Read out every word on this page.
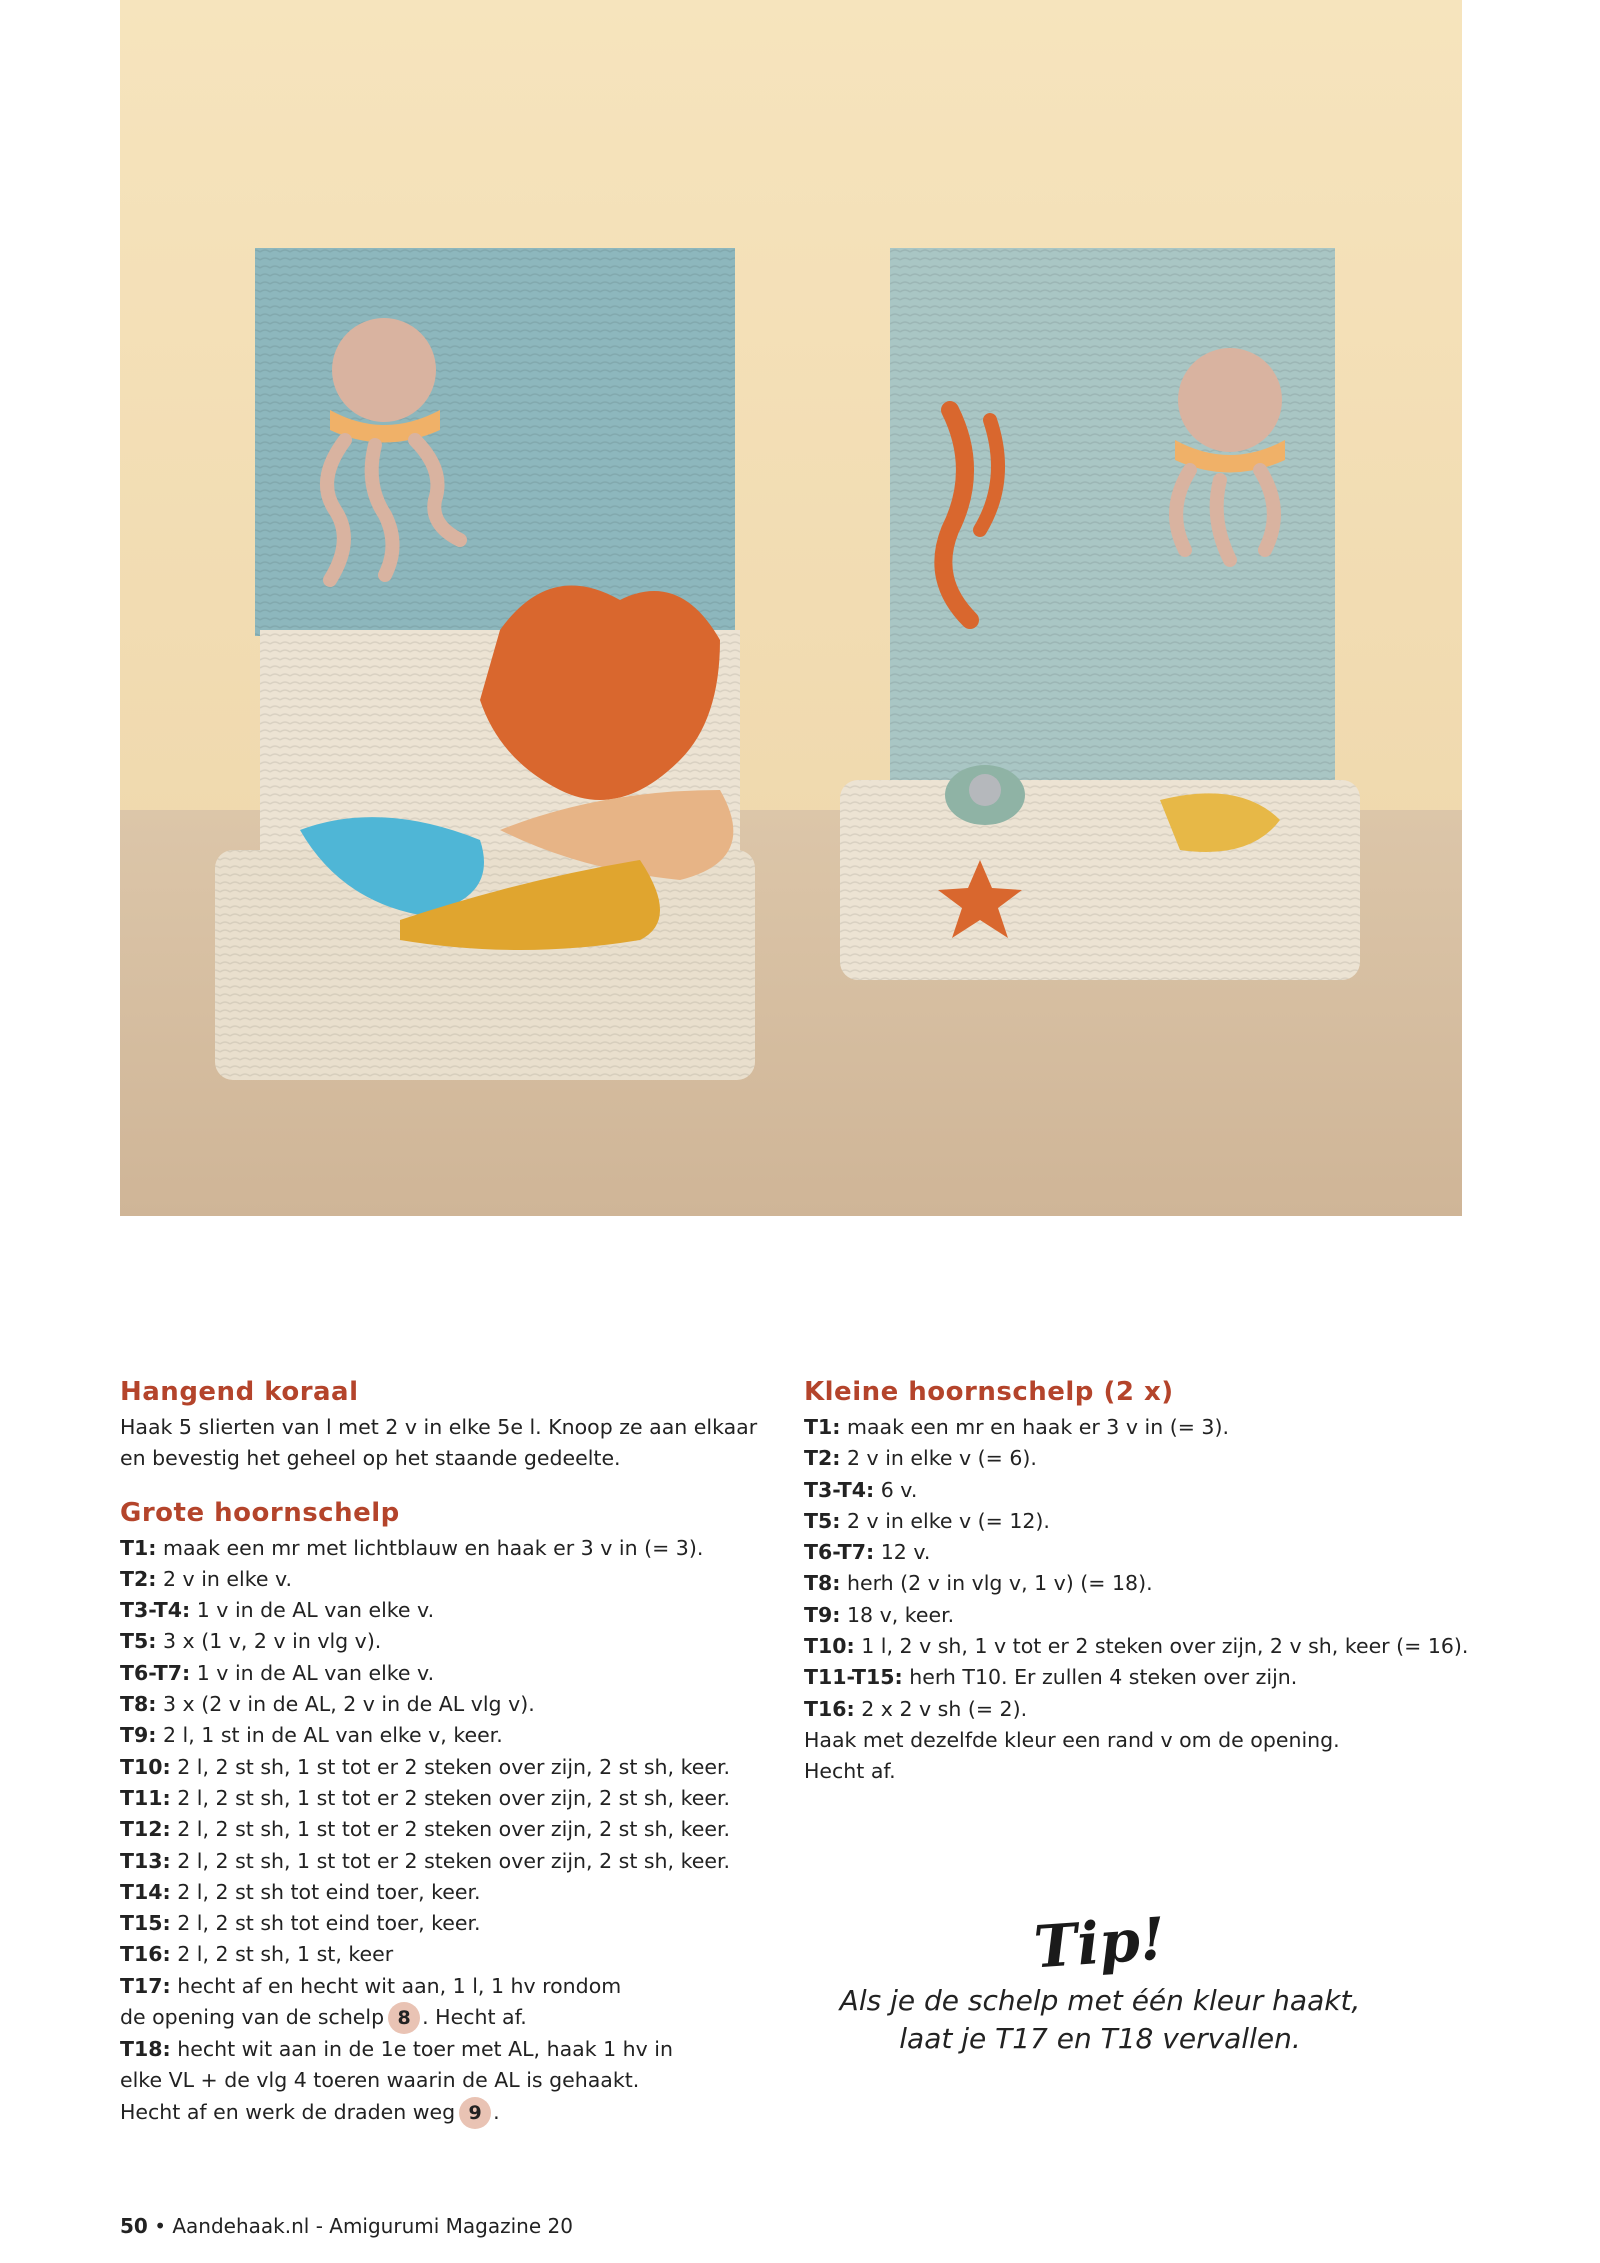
Hangend koraal

Haak 5 slierten van l met 2 v in elke 5e l. Knoop ze aan elkaar en bevestig het geheel op het staande gedeelte.

Grote hoornschelp

T1: maak een mr met lichtblauw en haak er 3 v in (= 3).

T2: 2 v in elke v.

T3-T4: 1 v in de AL van elke v.

T5: 3 x (1 v, 2 v in vlg v).

T6-T7: 1 v in de AL van elke v.

T8: 3 x (2 v in de AL, 2 v in de AL vlg v).

T9: 2 l, 1 st in de AL van elke v, keer.

T10: 2 l, 2 st sh, 1 st tot er 2 steken over zijn, 2 st sh, keer.

T11: 2 l, 2 st sh, 1 st tot er 2 steken over zijn, 2 st sh, keer.

T12: 2 l, 2 st sh, 1 st tot er 2 steken over zijn, 2 st sh, keer.

T13: 2 l, 2 st sh, 1 st tot er 2 steken over zijn, 2 st sh, keer.

T14: 2 l, 2 st sh tot eind toer, keer.

T15: 2 l, 2 st sh tot eind toer, keer.

T16: 2 l, 2 st sh, 1 st, keer

T17: hecht af en hecht wit aan, 1 l, 1 hv rondom

de opening van de schelp 8 . Hecht af.

T18: hecht wit aan in de 1e toer met AL, haak 1 hv in

elke VL + de vlg 4 toeren waarin de AL is gehaakt.

Hecht af en werk de draden weg 9 .

Kleine hoornschelp (2 x)

T1: maak een mr en haak er 3 v in (= 3).

T2: 2 v in elke v (= 6).

T3-T4: 6 v.

T5: 2 v in elke v (= 12).

T6-T7: 12 v.

T8: herh (2 v in vlg v, 1 v) (= 18).

T9: 18 v, keer.

T10: 1 l, 2 v sh, 1 v tot er 2 steken over zijn, 2 v sh, keer (= 16).

T11-T15: herh T10. Er zullen 4 steken over zijn.

T16: 2 x 2 v sh (= 2).

Haak met dezelfde kleur een rand v om de opening.

Hecht af.

Tip!
Als je de schelp met één kleur haakt,
laat je T17 en T18 vervallen.
50 • Aandehaak.nl - Amigurumi Magazine 20
